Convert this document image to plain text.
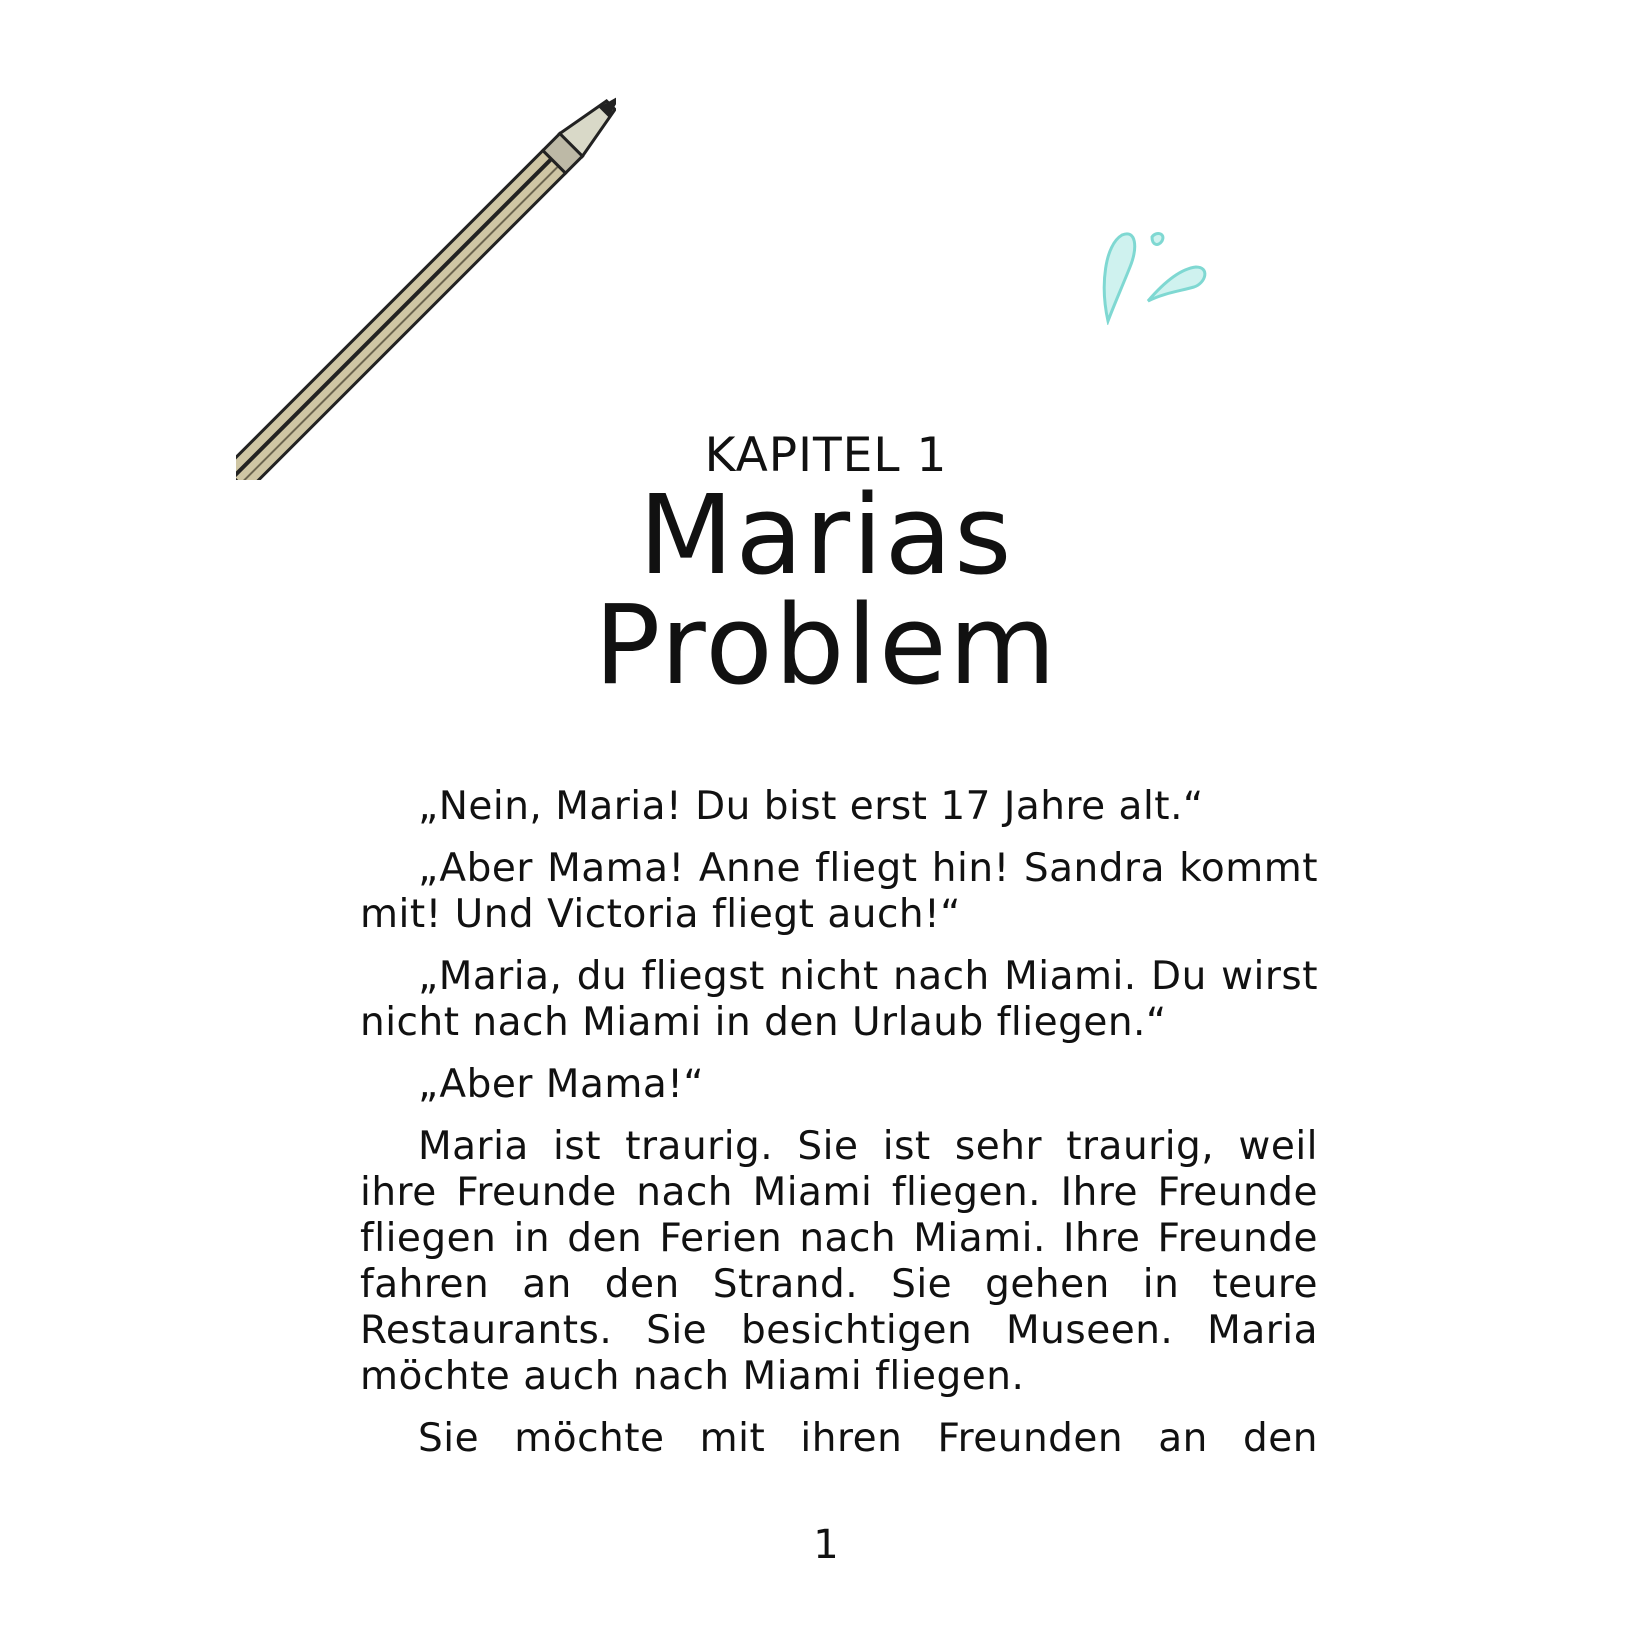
KAPITEL 1
Marias
Problem

„Nein, Maria! Du bist erst 17 Jahre alt.“

„Aber Mama! Anne fliegt hin! Sandra kommt mit! Und Victoria fliegt auch!“

„Maria, du fliegst nicht nach Miami. Du wirst nicht nach Miami in den Urlaub fliegen.“

„Aber Mama!“

Maria ist traurig. Sie ist sehr traurig, weil ihre Freunde nach Miami fliegen. Ihre Freunde fliegen in den Ferien nach Miami. Ihre Freunde fahren an den Strand. Sie gehen in teure Restaurants. Sie besichtigen Museen. Maria möchte auch nach Miami fliegen.

Sie möchte mit ihren Freunden an den

1
